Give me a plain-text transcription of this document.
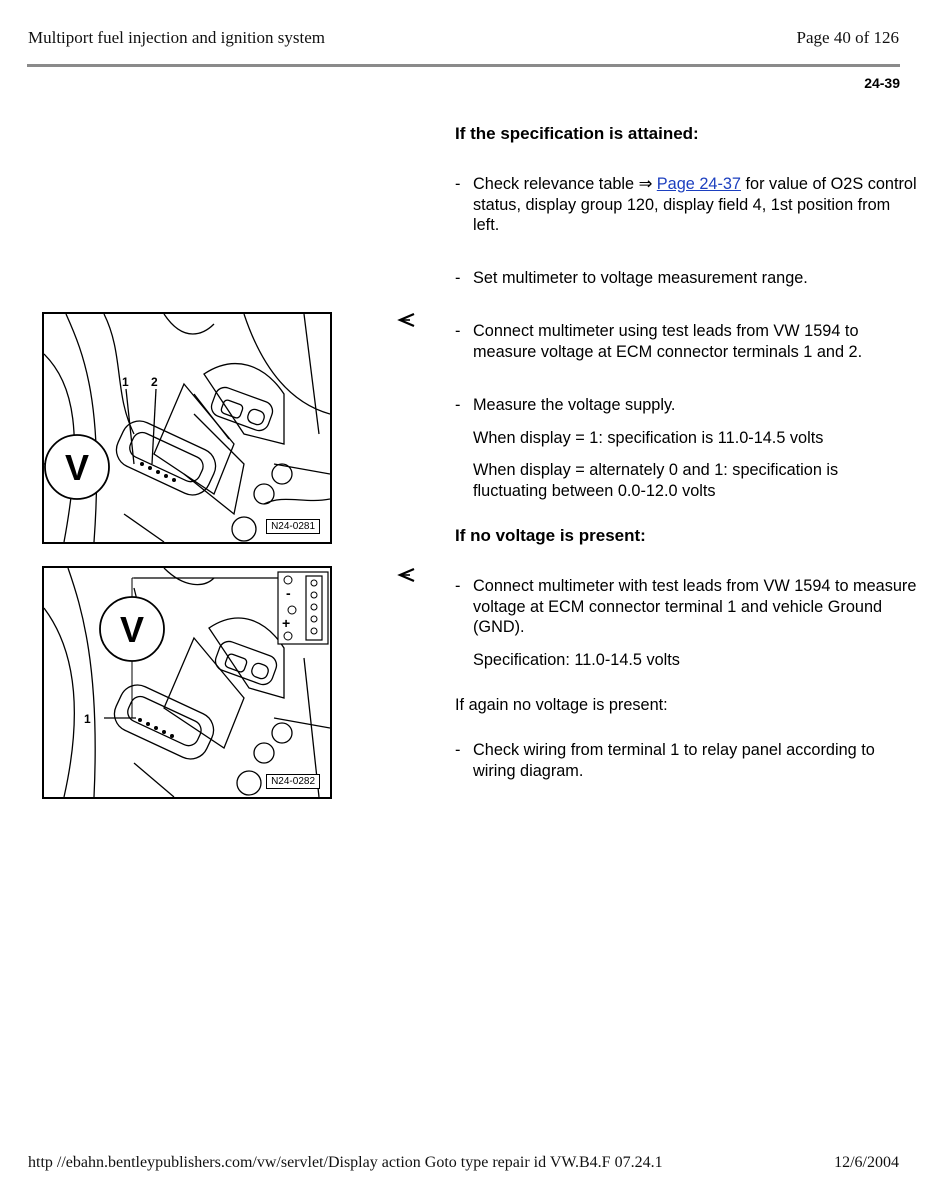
Multiport fuel injection and ignition system	Page 40 of 126
24-39
If the specification is attained:
- Check relevance table ⇒ Page 24-37 for value of O2S control status, display group 120, display field 4, 1st position from left.
- Set multimeter to voltage measurement range.
- Connect multimeter using test leads from VW 1594 to measure voltage at ECM connector terminals 1 and 2.
- Measure the voltage supply.
When display = 1: specification is 11.0-14.5 volts
When display = alternately 0 and 1: specification is fluctuating between 0.0-12.0 volts
If no voltage is present:
- Connect multimeter with test leads from VW 1594 to measure voltage at ECM connector terminal 1 and vehicle Ground (GND).
Specification: 11.0-14.5 volts
If again no voltage is present:
- Check wiring from terminal 1 to relay panel according to wiring diagram.
V
1 2
N24-0281
-
+
V
1
N24-0282
http //ebahn.bentleypublishers.com/vw/servlet/Display action Goto type repair id VW.B4.F 07.24.1	12/6/2004
